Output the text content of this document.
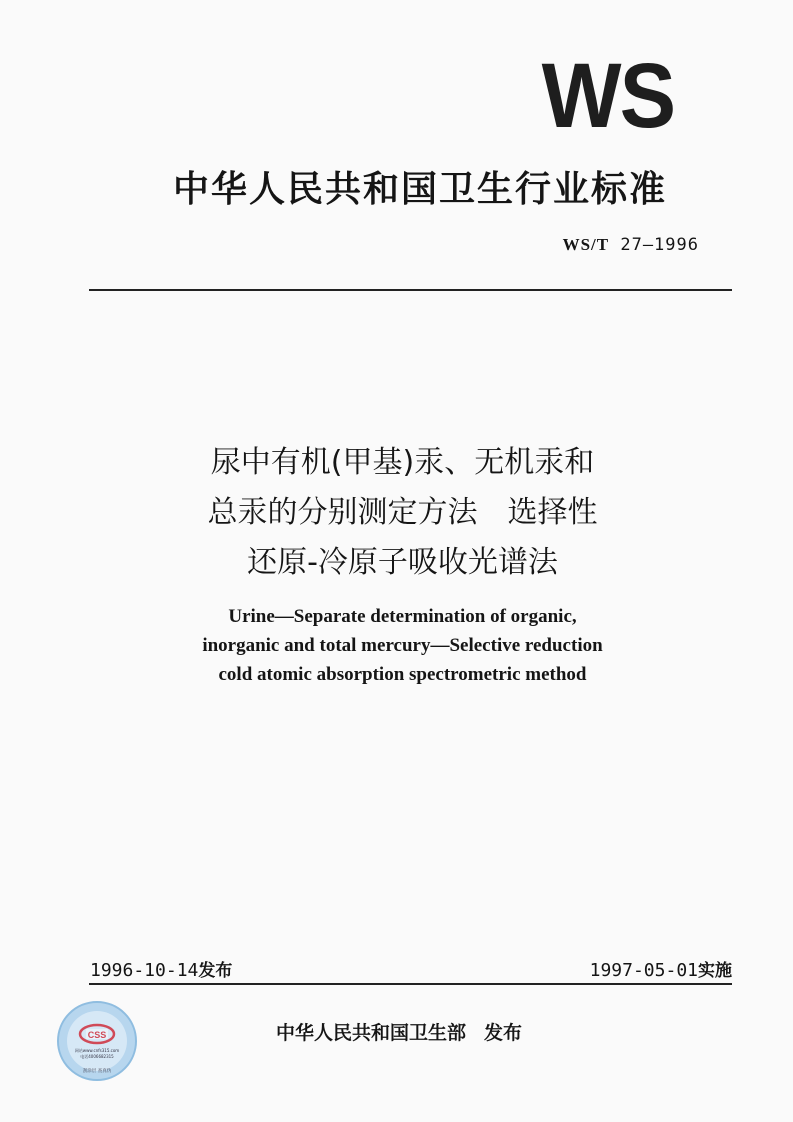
WS
中华人民共和国卫生行业标准
WS/T 27—1996
尿中有机(甲基)汞、无机汞和
总汞的分别测定方法　选择性
还原-冷原子吸收光谱法
Urine—Separate determination of organic,
inorganic and total mercury—Selective reduction
cold atomic absorption spectrometric method
1996-10-14发布	1997-05-01实施
中华人民共和国卫生部 发布
CSS
网站www.cnfs315.com
电话4006682315
刮涂层 查真伪
